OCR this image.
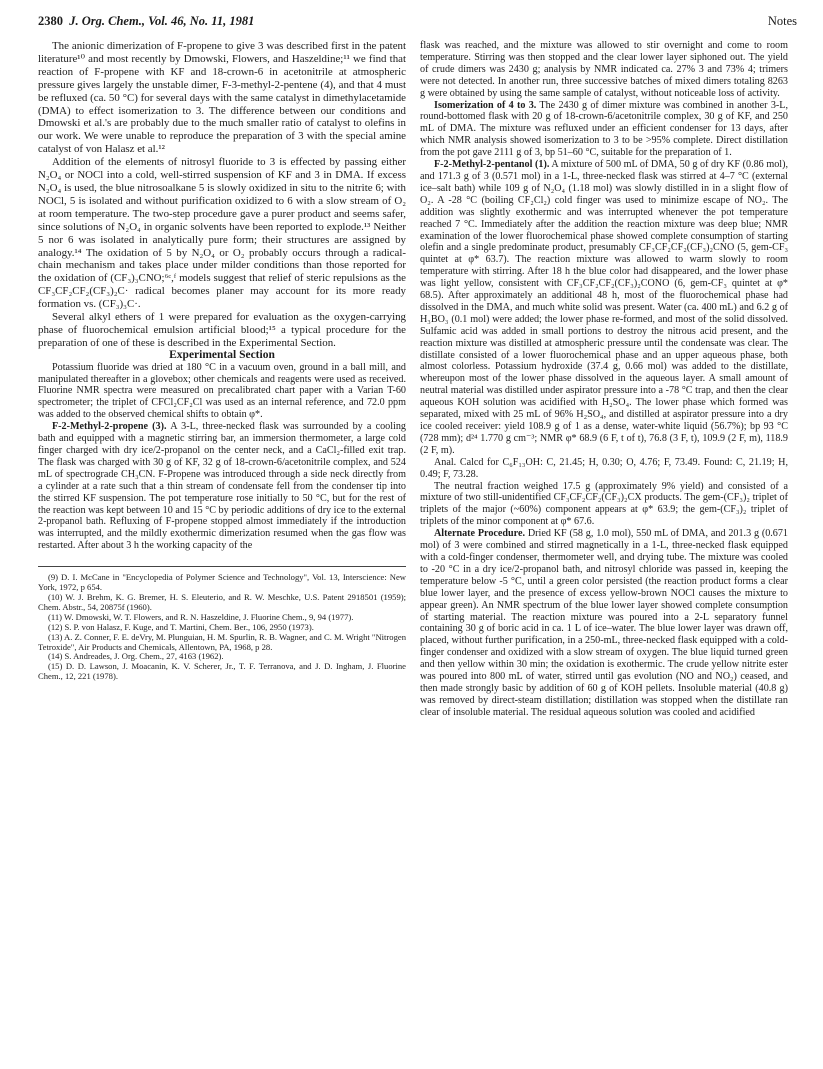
2380 J. Org. Chem., Vol. 46, No. 11, 1981	Notes

The anionic dimerization of F-propene to give 3 was described first in the patent literature¹⁰ and most recently by Dmowski, Flowers, and Haszeldine;¹¹ we find that reaction of F-propene with KF and 18-crown-6 in acetonitrile at atmospheric pressure gives largely the unstable dimer, F-3-methyl-2-pentene (4), and that 4 must be refluxed (ca. 50 °C) for several days with the same catalyst in dimethylacetamide (DMA) to effect isomerization to 3. The difference between our conditions and Dmowski et al.'s are probably due to the much smaller ratio of catalyst to olefins in our work. We were unable to reproduce the preparation of 3 with the special amine catalyst of von Halasz et al.¹²

Addition of the elements of nitrosyl fluoride to 3 is effected by passing either N₂O₄ or NOCl into a cold, well-stirred suspension of KF and 3 in DMA. If excess N₂O₄ is used, the blue nitrosoalkane 5 is slowly oxidized in situ to the nitrite 6; with NOCl, 5 is isolated and without purification oxidized to 6 with a slow stream of O₂ at room temperature. The two-step procedure gave a purer product and seems safer, since solutions of N₂O₄ in organic solvents have been reported to explode.¹³ Neither 5 nor 6 was isolated in analytically pure form; their structures are assigned by analogy.¹⁴ The oxidation of 5 by N₂O₄ or O₂ probably occurs through a radical-chain mechanism and takes place under milder conditions than those reported for the oxidation of (CF₃)₃CNO;⁶ᶜ,ᶠ models suggest that relief of steric repulsions as the CF₃CF₂CF₂(CF₃)₂C· radical becomes planer may account for its more ready formation vs. (CF₃)₃C·.

Several alkyl ethers of 1 were prepared for evaluation as the oxygen-carrying phase of fluorochemical emulsion artificial blood;¹⁵ a typical procedure for the preparation of one of these is described in the Experimental Section.

Experimental Section

Potassium fluoride was dried at 180 °C in a vacuum oven, ground in a ball mill, and manipulated thereafter in a glovebox; other chemicals and reagents were used as received. Fluorine NMR spectra were measured on precalibrated chart paper with a Varian T-60 spectrometer; the triplet of CFCl₂CF₂Cl was used as an internal reference, and 72.0 ppm was added to the observed chemical shifts to obtain φ*.

F-2-Methyl-2-propene (3). A 3-L, three-necked flask was surrounded by a cooling bath and equipped with a magnetic stirring bar, an immersion thermometer, a large cold finger charged with dry ice/2-propanol on the center neck, and a CaCl₂-filled exit trap. The flask was charged with 30 g of KF, 32 g of 18-crown-6/acetonitrile complex, and 524 mL of spectrograde CH₃CN. F-Propene was introduced through a side neck directly from a cylinder at a rate such that a thin stream of condensate fell from the condenser tip into the stirred KF suspension. The pot temperature rose initially to 50 °C, but for the rest of the reaction was kept between 10 and 15 °C by periodic additions of dry ice to the external 2-propanol bath. Refluxing of F-propene stopped almost immediately if the introduction was interrupted, and the mildly exothermic dimerization resumed when the gas flow was restarted. After about 3 h the working capacity of the

(9) D. I. McCane in "Encyclopedia of Polymer Science and Technology", Vol. 13, Interscience: New York, 1972, p 654.

(10) W. J. Brehm, K. G. Bremer, H. S. Eleuterio, and R. W. Meschke, U.S. Patent 2918501 (1959); Chem. Abstr., 54, 20875f (1960).

(11) W. Dmowski, W. T. Flowers, and R. N. Haszeldine, J. Fluorine Chem., 9, 94 (1977).

(12) S. P. von Halasz, F. Kuge, and T. Martini, Chem. Ber., 106, 2950 (1973).

(13) A. Z. Conner, F. E. deVry, M. Plunguian, H. M. Spurlin, R. B. Wagner, and C. M. Wright "Nitrogen Tetroxide", Air Products and Chemicals, Allentown, PA, 1968, p 28.

(14) S. Andreades, J. Org. Chem., 27, 4163 (1962).

(15) D. D. Lawson, J. Moacanin, K. V. Scherer, Jr., T. F. Terranova, and J. D. Ingham, J. Fluorine Chem., 12, 221 (1978).

flask was reached, and the mixture was allowed to stir overnight and come to room temperature. Stirring was then stopped and the clear lower layer siphoned out. The yield of crude dimers was 2430 g; analysis by NMR indicated ca. 27% 3 and 73% 4; trimers were not detected. In another run, three successive batches of mixed dimers totaling 8263 g were obtained by using the same sample of catalyst, without noticeable loss of activity.

Isomerization of 4 to 3. The 2430 g of dimer mixture was combined in another 3-L, round-bottomed flask with 20 g of 18-crown-6/acetonitrile complex, 30 g of KF, and 250 mL of DMA. The mixture was refluxed under an efficient condenser for 13 days, after which NMR analysis showed isomerization to 3 to be >95% complete. Direct distillation from the pot gave 2111 g of 3, bp 51–60 °C, suitable for the preparation of 1.

F-2-Methyl-2-pentanol (1). A mixture of 500 mL of DMA, 50 g of dry KF (0.86 mol), and 171.3 g of 3 (0.571 mol) in a 1-L, three-necked flask was stirred at 4–7 °C (external ice–salt bath) while 109 g of N₂O₄ (1.18 mol) was slowly distilled in in a slight flow of O₂. A -28 °C (boiling CF₂Cl₂) cold finger was used to minimize escape of NO₂. The addition was slightly exothermic and was interrupted whenever the pot temperature reached 7 °C. Immediately after the addition the reaction mixture was deep blue; NMR examination of the lower fluorochemical phase showed complete consumption of starting olefin and a single predominate product, presumably CF₃CF₂CF₂(CF₃)₂CNO (5, gem-CF₃ quintet at φ* 63.7). The reaction mixture was allowed to warm slowly to room temperature with stirring. After 18 h the blue color had disappeared, and the lower phase was light yellow, consistent with CF₃CF₂CF₂(CF₃)₂CONO (6, gem-CF₃ quintet at φ* 68.5). After approximately an additional 48 h, most of the fluorochemical phase had dissolved in the DMA, and much white solid was present. Water (ca. 400 mL) and 6.2 g of H₃BO₃ (0.1 mol) were added; the lower phase re-formed, and most of the solid dissolved. Sulfamic acid was added in small portions to destroy the nitrous acid present, and the reaction mixture was distilled at atmospheric pressure until the condensate was clear. The distillate consisted of a lower fluorochemical phase and an upper aqueous phase, both almost colorless. Potassium hydroxide (37.4 g, 0.66 mol) was added to the distillate, whereupon most of the lower phase dissolved in the aqueous layer. A small amount of neutral material was distilled under aspirator pressure into a -78 °C trap, and then the clear aqueous KOH solution was acidified with H₂SO₄. The lower phase which formed was separated, mixed with 25 mL of 96% H₂SO₄, and distilled at aspirator pressure into a dry ice cooled receiver: yield 108.9 g of 1 as a dense, water-white liquid (56.7%); bp 93 °C (728 mm); d²⁴ 1.770 g cm⁻³; NMR φ* 68.9 (6 F, t of t), 76.8 (3 F, t), 109.9 (2 F, m), 118.9 (2 F, m).

Anal. Calcd for C₆F₁₃OH: C, 21.45; H, 0.30; O, 4.76; F, 73.49. Found: C, 21.19; H, 0.49; F, 73.28.

The neutral fraction weighed 17.5 g (approximately 9% yield) and consisted of a mixture of two still-unidentified CF₃CF₂CF₂(CF₃)₂CX products. The gem-(CF₃)₂ triplet of triplets of the major (~60%) component appears at φ* 63.9; the gem-(CF₃)₂ triplet of triplets of the minor component at φ* 67.6.

Alternate Procedure. Dried KF (58 g, 1.0 mol), 550 mL of DMA, and 201.3 g (0.671 mol) of 3 were combined and stirred magnetically in a 1-L, three-necked flask equipped with a cold-finger condenser, thermometer well, and drying tube. The mixture was cooled to -20 °C in a dry ice/2-propanol bath, and nitrosyl chloride was passed in, keeping the temperature below -5 °C, until a green color persisted (the reaction product forms a clear blue lower layer, and the presence of excess yellow-brown NOCl causes the mixture to appear green). An NMR spectrum of the blue lower layer showed complete consumption of starting material. The reaction mixture was poured into a 2-L separatory funnel containing 30 g of boric acid in ca. 1 L of ice–water. The blue lower layer was drawn off, placed, without further purification, in a 250-mL, three-necked flask equipped with a cold-finger condenser and oxidized with a slow stream of oxygen. The blue liquid turned green and then yellow within 30 min; the oxidation is exothermic. The crude yellow nitrite ester was poured into 800 mL of water, stirred until gas evolution (NO and NO₂) ceased, and then made strongly basic by addition of 60 g of KOH pellets. Insoluble material (40.8 g) was removed by direct-steam distillation; distillation was stopped when the distillate ran clear of insoluble material. The residual aqueous solution was cooled and acidified
